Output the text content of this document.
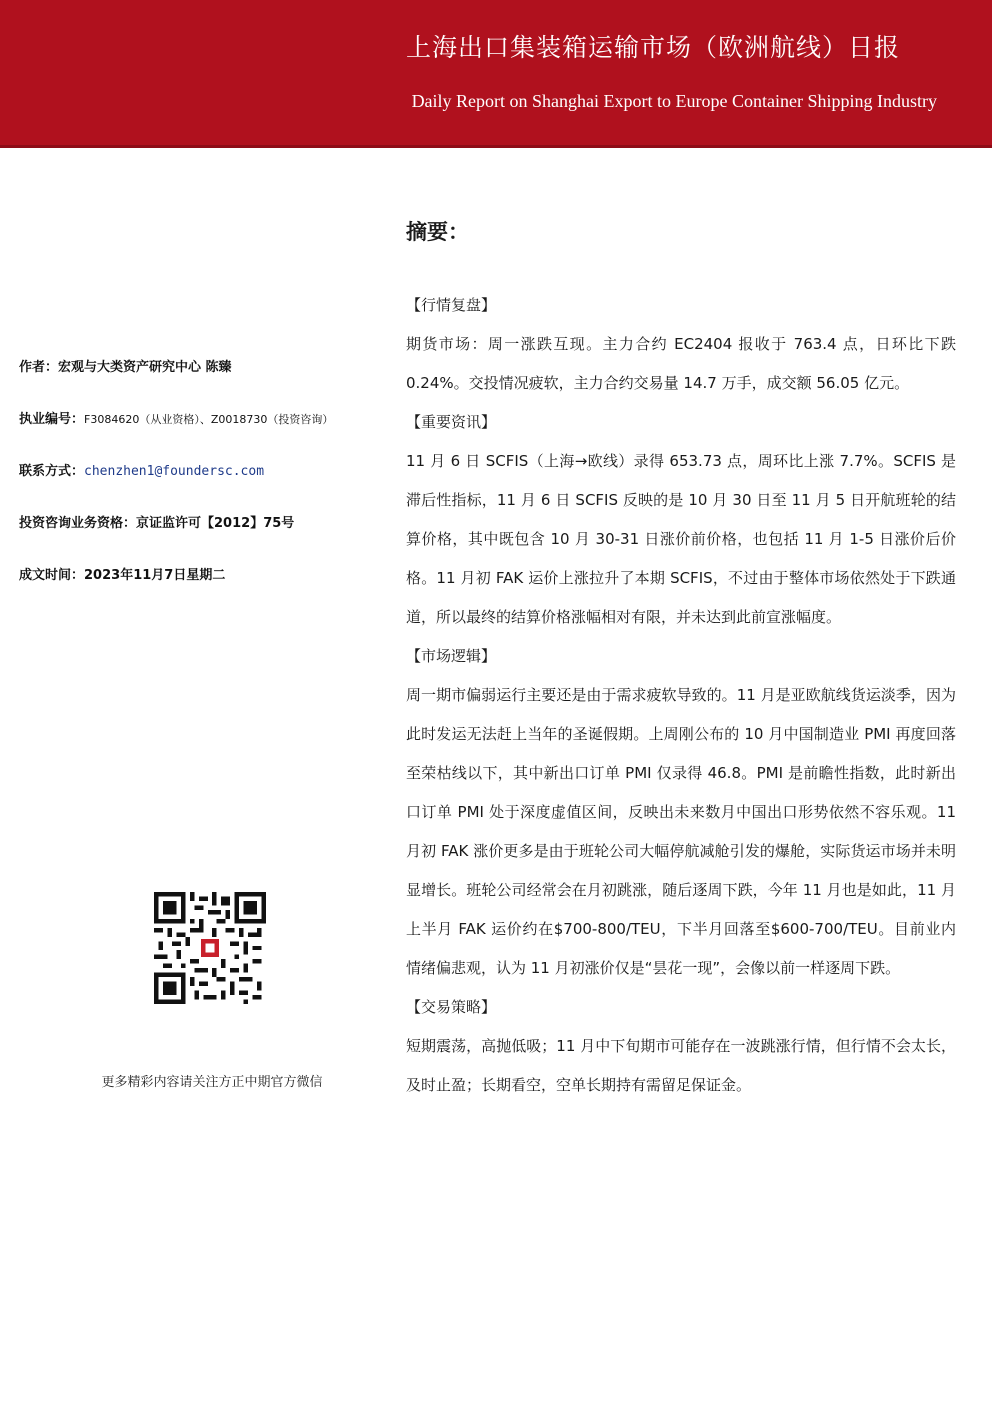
上海出口集装箱运输市场（欧洲航线）日报
Daily Report on Shanghai Export to Europe Container Shipping Industry
作者：宏观与大类资产研究中心 陈臻
执业编号：F3084620（从业资格）、Z0018730（投资咨询）
联系方式：chenzhen1@foundersc.com
投资咨询业务资格：京证监许可【2012】75号
成文时间：2023年11月7日星期二
更多精彩内容请关注方正中期官方微信
摘要：
【行情复盘】

期货市场：周一涨跌互现。主力合约 EC2404 报收于 763.4 点，日环比下跌 0.24%。交投情况疲软，主力合约交易量 14.7 万手，成交额 56.05 亿元。

【重要资讯】

11 月 6 日 SCFIS（上海→欧线）录得 653.73 点，周环比上涨 7.7%。SCFIS 是滞后性指标，11 月 6 日 SCFIS 反映的是 10 月 30 日至 11 月 5 日开航班轮的结算价格，其中既包含 10 月 30-31 日涨价前价格，也包括 11 月 1-5 日涨价后价格。11 月初 FAK 运价上涨拉升了本期 SCFIS，不过由于整体市场依然处于下跌通道，所以最终的结算价格涨幅相对有限，并未达到此前宣涨幅度。

【市场逻辑】

周一期市偏弱运行主要还是由于需求疲软导致的。11 月是亚欧航线货运淡季，因为此时发运无法赶上当年的圣诞假期。上周刚公布的 10 月中国制造业 PMI 再度回落至荣枯线以下，其中新出口订单 PMI 仅录得 46.8。PMI 是前瞻性指数，此时新出口订单 PMI 处于深度虚值区间，反映出未来数月中国出口形势依然不容乐观。11 月初 FAK 涨价更多是由于班轮公司大幅停航减舱引发的爆舱，实际货运市场并未明显增长。班轮公司经常会在月初跳涨，随后逐周下跌，今年 11 月也是如此，11 月上半月 FAK 运价约在$700-800/TEU，下半月回落至$600-700/TEU。目前业内情绪偏悲观，认为 11 月初涨价仅是“昙花一现”，会像以前一样逐周下跌。

【交易策略】

短期震荡，高抛低吸；11 月中下旬期市可能存在一波跳涨行情，但行情不会太长，及时止盈；长期看空，空单长期持有需留足保证金。
